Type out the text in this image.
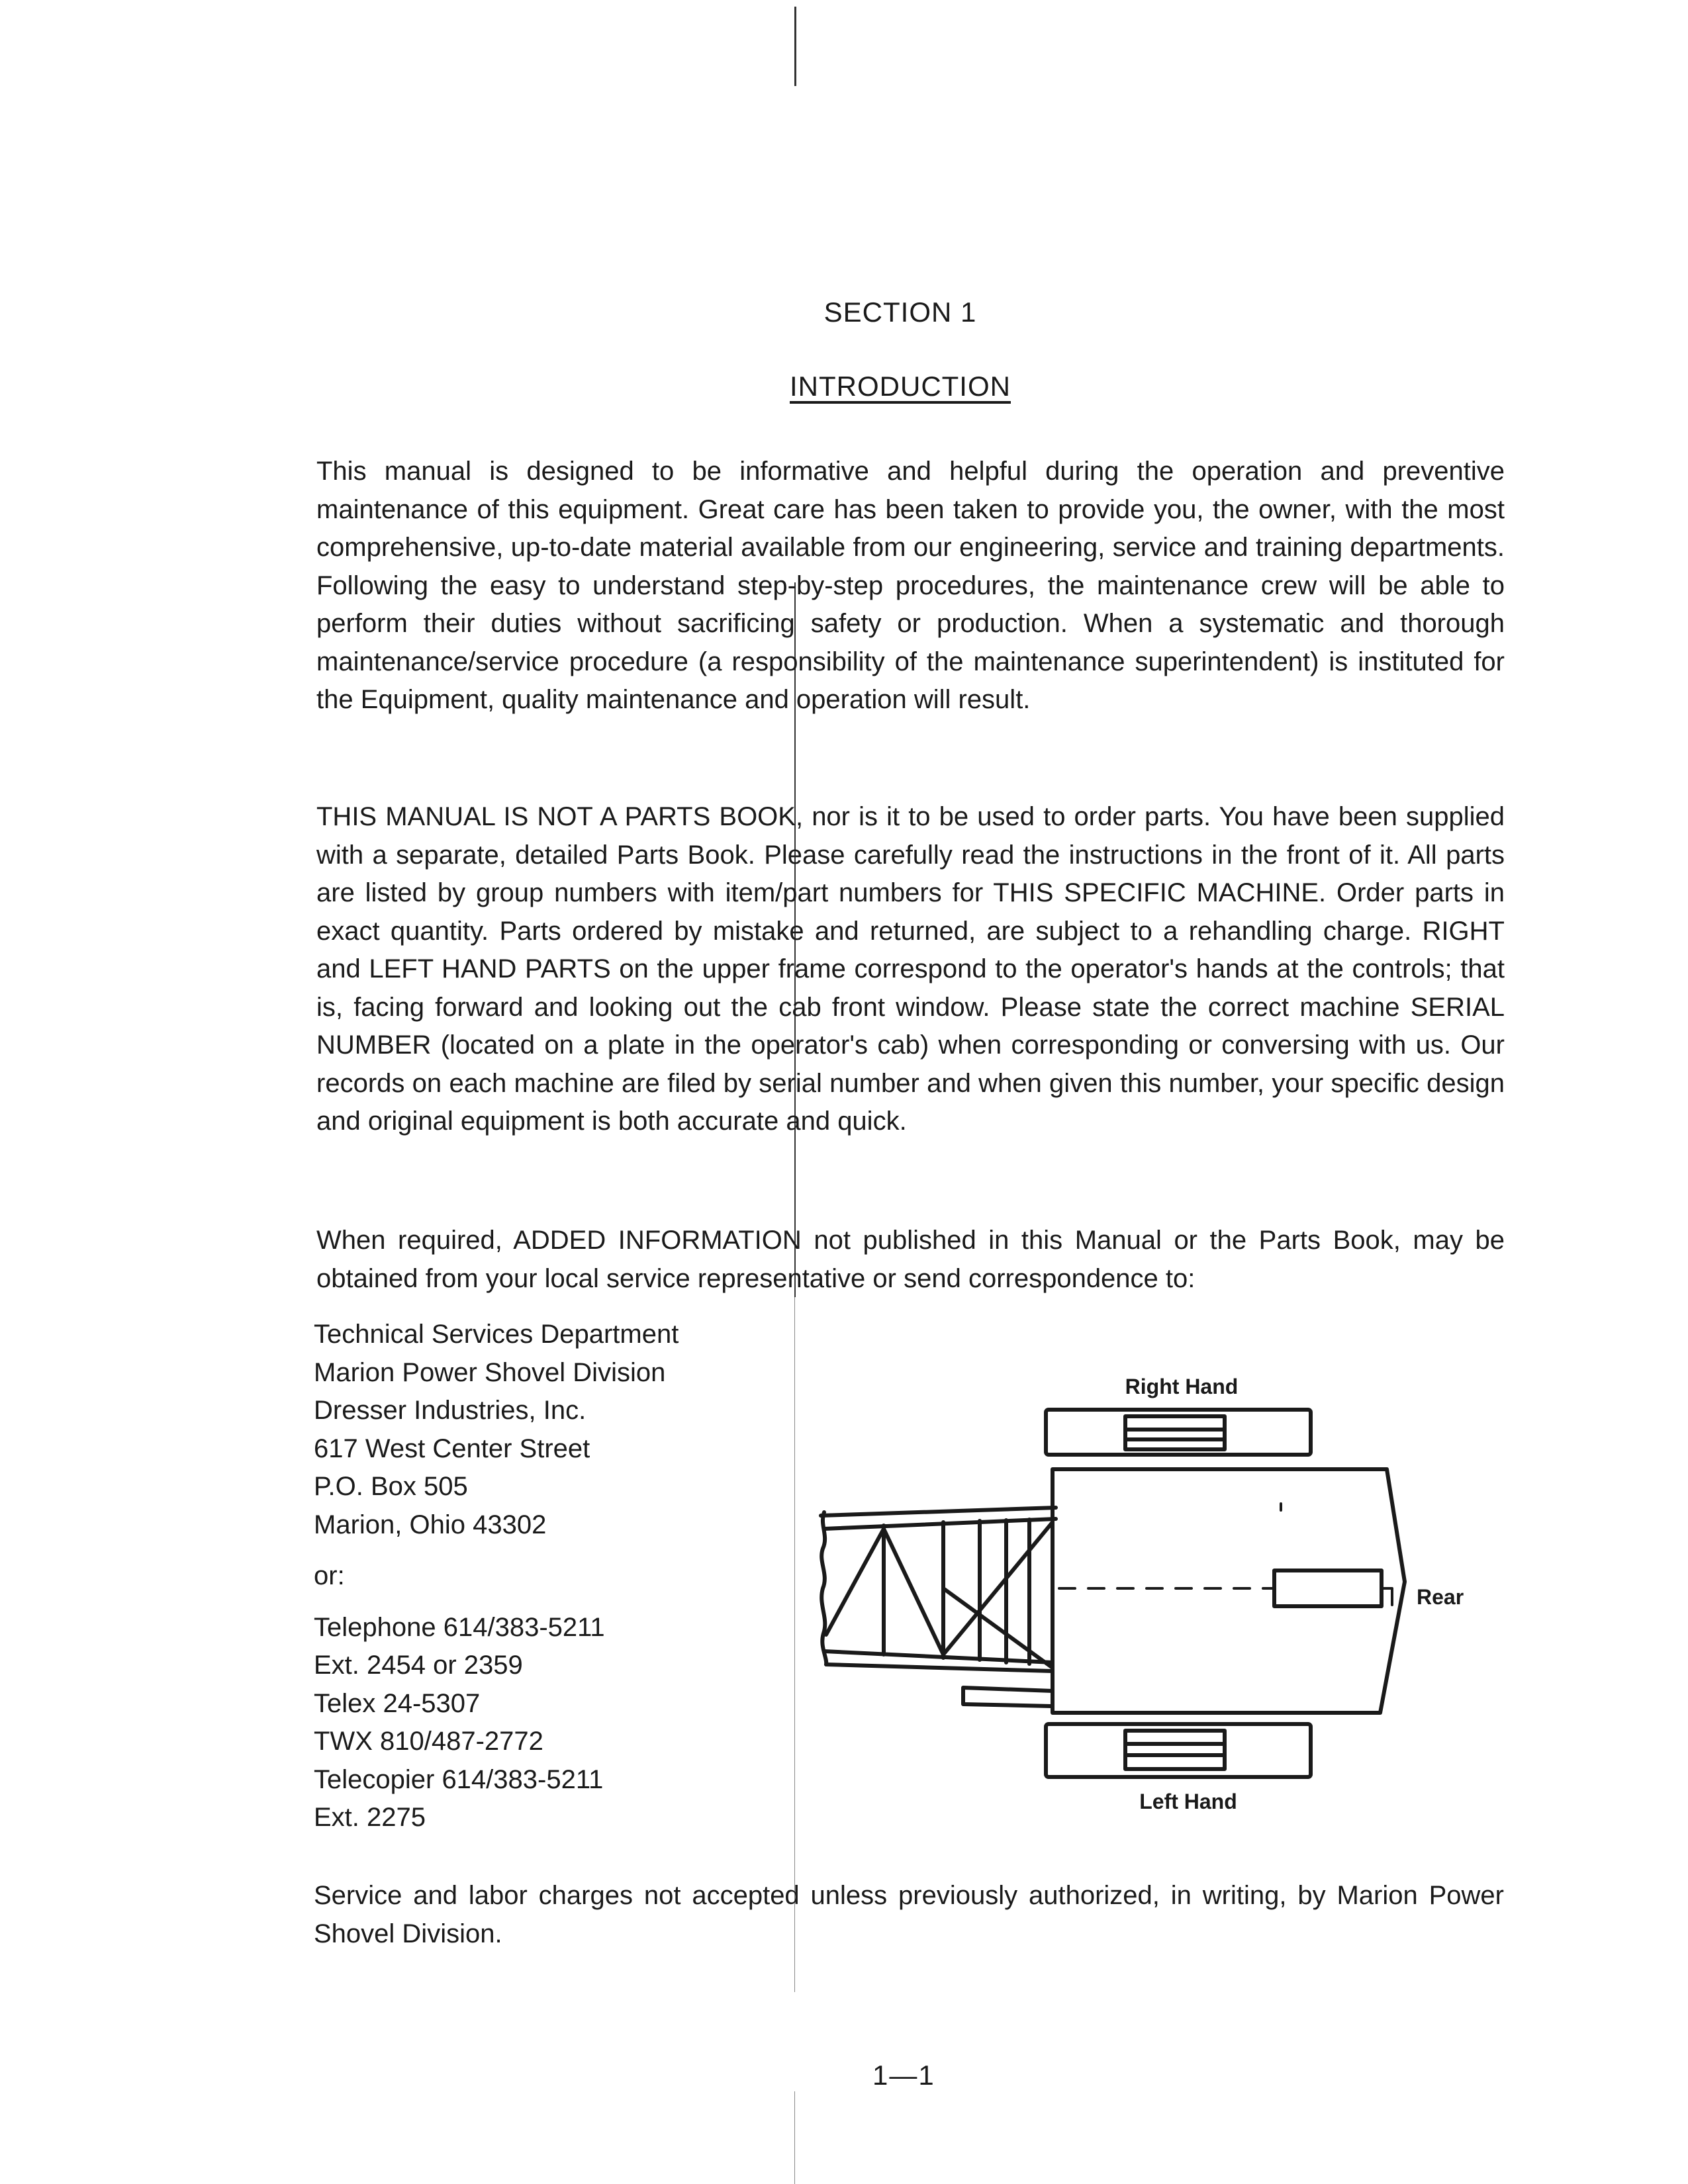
SECTION 1
INTRODUCTION

This manual is designed to be informative and helpful during the operation and preventive maintenance of this equipment. Great care has been taken to provide you, the owner, with the most comprehensive, up-to-date material available from our engineering, service and training departments. Following the easy to understand step-by-step procedures, the maintenance crew will be able to perform their duties without sacrificing safety or production. When a systematic and thorough maintenance/service procedure (a responsibility of the maintenance superintendent) is instituted for the Equipment, quality maintenance and operation will result.

THIS MANUAL IS NOT A PARTS BOOK, nor is it to be used to order parts. You have been supplied with a separate, detailed Parts Book. Please carefully read the instructions in the front of it. All parts are listed by group numbers with item/part numbers for THIS SPECIFIC MACHINE. Order parts in exact quantity. Parts ordered by mistake and returned, are subject to a rehandling charge. RIGHT and LEFT HAND PARTS on the upper frame correspond to the operator's hands at the controls; that is, facing forward and looking out the cab front window. Please state the correct machine SERIAL NUMBER (located on a plate in the operator's cab) when corresponding or conversing with us. Our records on each machine are filed by serial number and when given this number, your specific design and original equipment is both accurate and quick.

When required, ADDED INFORMATION not published in this Manual or the Parts Book, may be obtained from your local service representative or send correspondence to:

Technical Services Department
Marion Power Shovel Division
Dresser Industries, Inc.
617 West Center Street
P.O. Box 505
Marion, Ohio 43302
or:
Telephone 614/383-5211
Ext. 2454 or 2359
Telex 24-5307
TWX 810/487-2772
Telecopier 614/383-5211
Ext. 2275
Right Hand
Left Hand
Rear

Service and labor charges not accepted unless previously authorized, in writing, by Marion Power Shovel Division.

1—1
